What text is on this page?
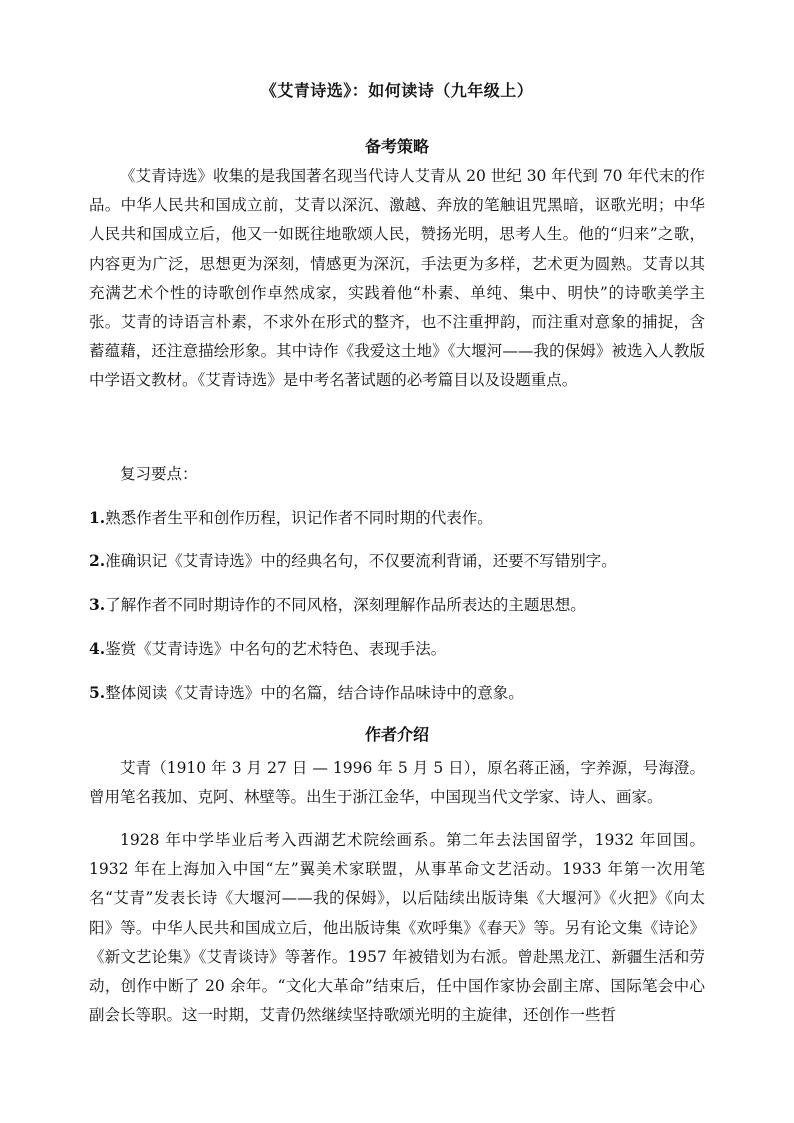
《艾青诗选》：如何读诗（九年级上）
备考策略

《艾青诗选》收集的是我国著名现当代诗人艾青从 20 世纪 30 年代到 70 年代末的作品。中华人民共和国成立前，艾青以深沉、激越、奔放的笔触诅咒黑暗，讴歌光明；中华人民共和国成立后，他又一如既往地歌颂人民，赞扬光明，思考人生。他的“归来”之歌，内容更为广泛，思想更为深刻，情感更为深沉，手法更为多样，艺术更为圆熟。艾青以其充满艺术个性的诗歌创作卓然成家，实践着他“朴素、单纯、集中、明快”的诗歌美学主张。艾青的诗语言朴素，不求外在形式的整齐，也不注重押韵，而注重对意象的捕捉，含蓄蕴藉，还注意描绘形象。其中诗作《我爱这土地》《大堰河——我的保姆》被选入人教版中学语文教材。《艾青诗选》是中考名著试题的必考篇目以及设题重点。

复习要点：

1.熟悉作者生平和创作历程，识记作者不同时期的代表作。

2.准确识记《艾青诗选》中的经典名句，不仅要流利背诵，还要不写错别字。

3.了解作者不同时期诗作的不同风格，深刻理解作品所表达的主题思想。

4.鉴赏《艾青诗选》中名句的艺术特色、表现手法。

5.整体阅读《艾青诗选》中的名篇，结合诗作品味诗中的意象。

作者介绍

艾青（1910 年 3 月 27 日 — 1996 年 5 月 5 日），原名蒋正涵，字养源，号海澄。曾用笔名莪加、克阿、林壁等。出生于浙江金华，中国现当代文学家、诗人、画家。

1928 年中学毕业后考入西湖艺术院绘画系。第二年去法国留学，1932 年回国。1932 年在上海加入中国“左”翼美术家联盟，从事革命文艺活动。1933 年第一次用笔名“艾青”发表长诗《大堰河——我的保姆》，以后陆续出版诗集《大堰河》《火把》《向太阳》等。中华人民共和国成立后，他出版诗集《欢呼集》《春天》等。另有论文集《诗论》《新文艺论集》《艾青谈诗》等著作。1957 年被错划为右派。曾赴黑龙江、新疆生活和劳动，创作中断了 20 余年。“文化大革命”结束后，任中国作家协会副主席、国际笔会中心副会长等职。这一时期，艾青仍然继续坚持歌颂光明的主旋律，还创作一些哲
